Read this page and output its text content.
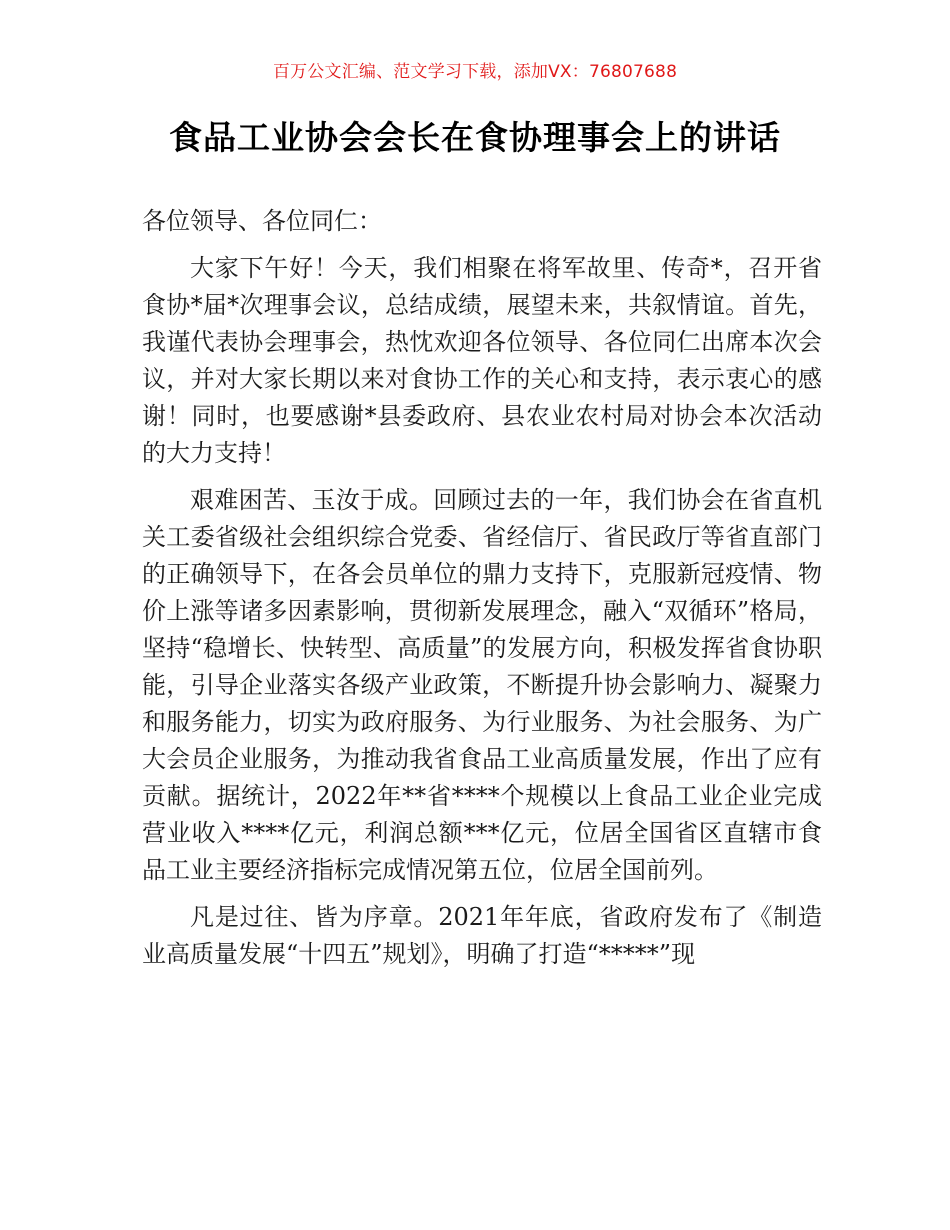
百万公文汇编、范文学习下载，添加VX：76807688
食品工业协会会长在食协理事会上的讲话

各位领导、各位同仁：

大家下午好！今天，我们相聚在将军故里、传奇*，召开省食协*届*次理事会议，总结成绩，展望未来，共叙情谊。首先，我谨代表协会理事会，热忱欢迎各位领导、各位同仁出席本次会议，并对大家长期以来对食协工作的关心和支持，表示衷心的感谢！同时，也要感谢*县委政府、县农业农村局对协会本次活动的大力支持！

艰难困苦、玉汝于成。回顾过去的一年，我们协会在省直机关工委省级社会组织综合党委、省经信厅、省民政厅等省直部门的正确领导下，在各会员单位的鼎力支持下，克服新冠疫情、物价上涨等诸多因素影响，贯彻新发展理念，融入“双循环”格局，坚持“稳增长、快转型、高质量”的发展方向，积极发挥省食协职能，引导企业落实各级产业政策，不断提升协会影响力、凝聚力和服务能力，切实为政府服务、为行业服务、为社会服务、为广大会员企业服务，为推动我省食品工业高质量发展，作出了应有贡献。据统计，2022年**省****个规模以上食品工业企业完成营业收入****亿元，利润总额***亿元，位居全国省区直辖市食品工业主要经济指标完成情况第五位，位居全国前列。

凡是过往、皆为序章。2021年年底，省政府发布了《制造业高质量发展“十四五”规划》，明确了打造“*****”现
